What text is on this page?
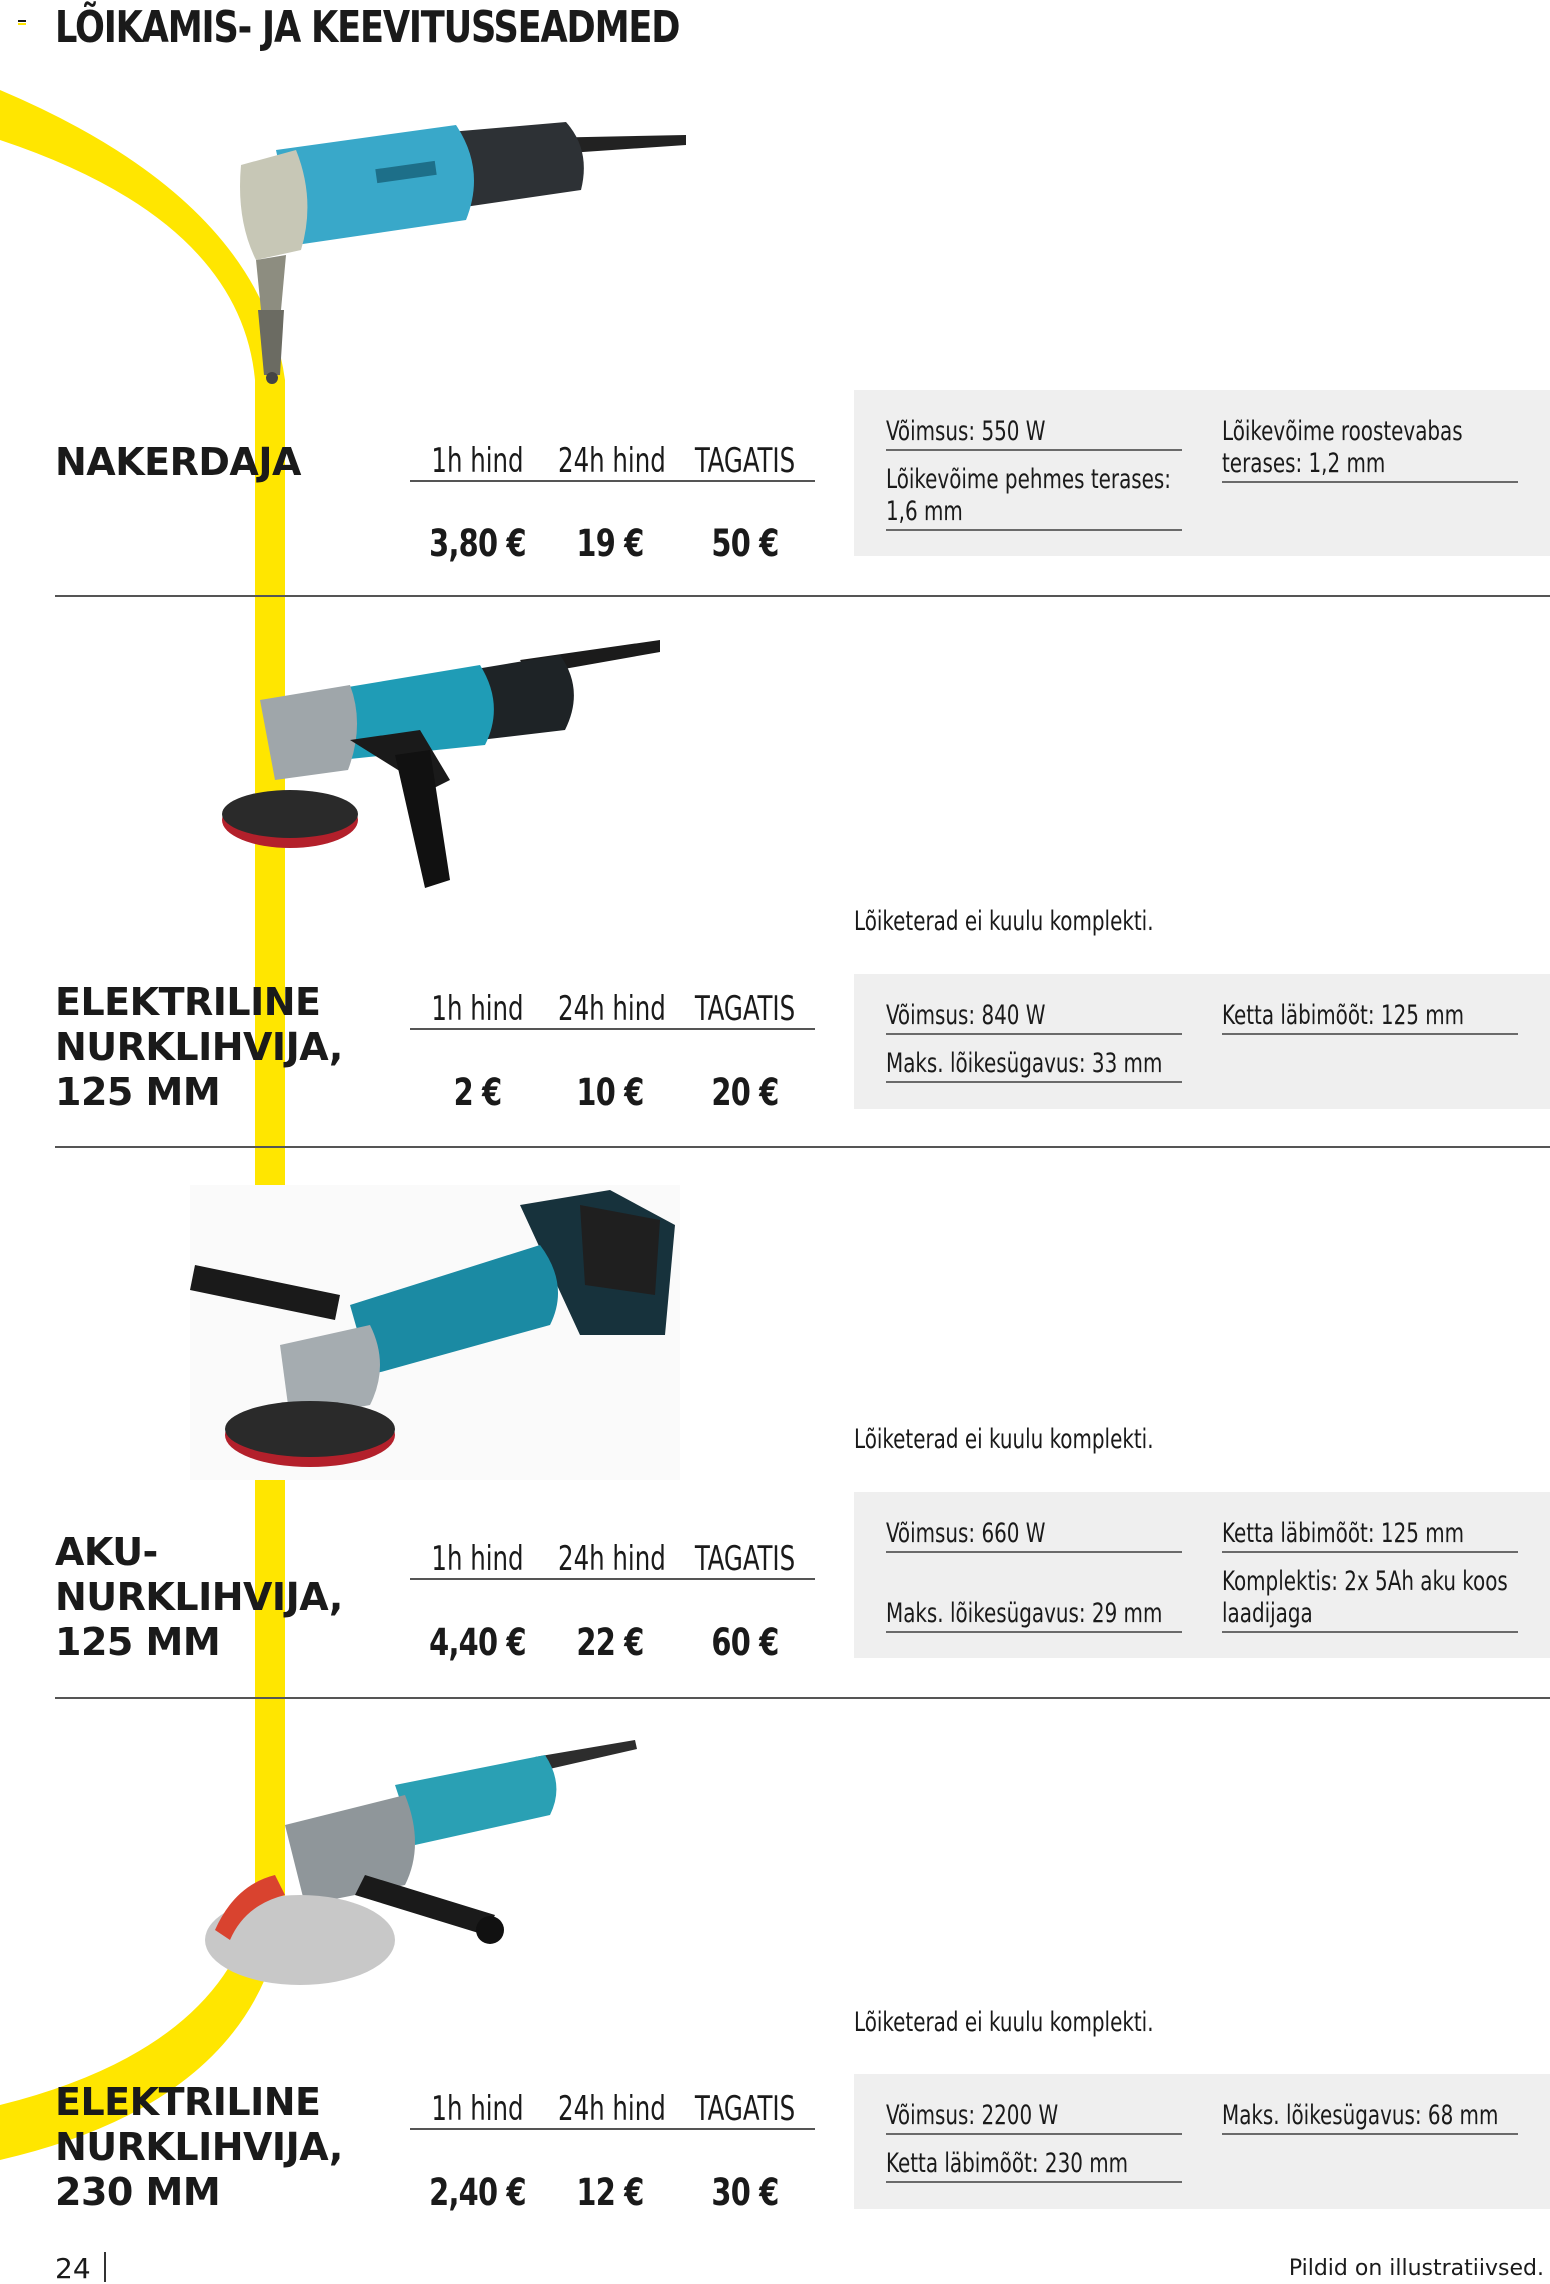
LÕIKAMIS- JA KEEVITUSSEADMED
NAKERDAJA	1h hind 24h hind TAGATIS
3,80 €	19 €	50 €
Võimsus: 550 W
Lõikevõime pehmes terases: 1,6 mm
Lõikevõime roostevabas terases: 1,2 mm
Lõiketerad ei kuulu komplekti.
ELEKTRILINE
NURKLIHVIJA,
125 MM
1h hind 24h hind TAGATIS
2 €	10 €	20 €
Võimsus: 840 W
Maks. lõikesügavus: 33 mm
Ketta läbimõõt: 125 mm
Lõiketerad ei kuulu komplekti.
AKU-
NURKLIHVIJA,
125 MM
1h hind 24h hind TAGATIS
4,40 €	22 €	60 €
Võimsus: 660 W
Maks. lõikesügavus: 29 mm
Ketta läbimõõt: 125 mm
Komplektis: 2x 5Ah aku koos laadijaga
Lõiketerad ei kuulu komplekti.
ELEKTRILINE
NURKLIHVIJA,
230 MM
1h hind 24h hind TAGATIS
2,40 €	12 €	30 €
Võimsus: 2200 W
Ketta läbimõõt: 230 mm
Maks. lõikesügavus: 68 mm
24	Pildid on illustratiivsed.
